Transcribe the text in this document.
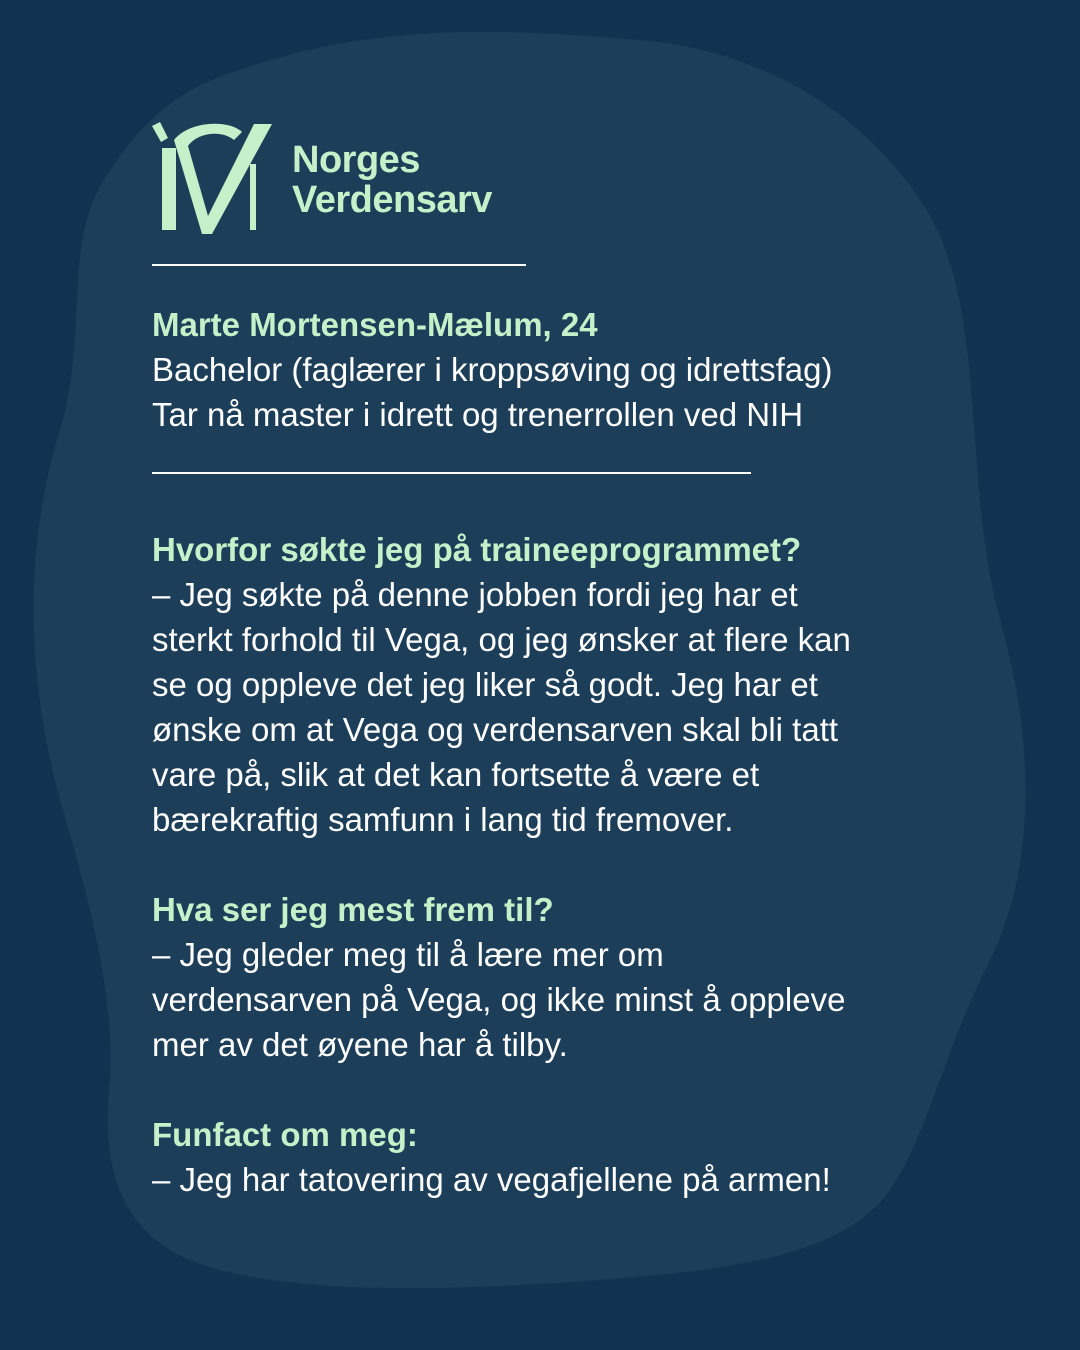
Norges
Verdensarv
Marte Mortensen-Mælum, 24
Bachelor (faglærer i kroppsøving og idrettsfag)
Tar nå master i idrett og trenerrollen ved NIH
Hvorfor søkte jeg på traineeprogrammet?
– Jeg søkte på denne jobben fordi jeg har et
sterkt forhold til Vega, og jeg ønsker at flere kan
se og oppleve det jeg liker så godt. Jeg har et
ønske om at Vega og verdensarven skal bli tatt
vare på, slik at det kan fortsette å være et
bærekraftig samfunn i lang tid fremover.
Hva ser jeg mest frem til?
– Jeg gleder meg til å lære mer om
verdensarven på Vega, og ikke minst å oppleve
mer av det øyene har å tilby.
Funfact om meg:
– Jeg har tatovering av vegafjellene på armen!
